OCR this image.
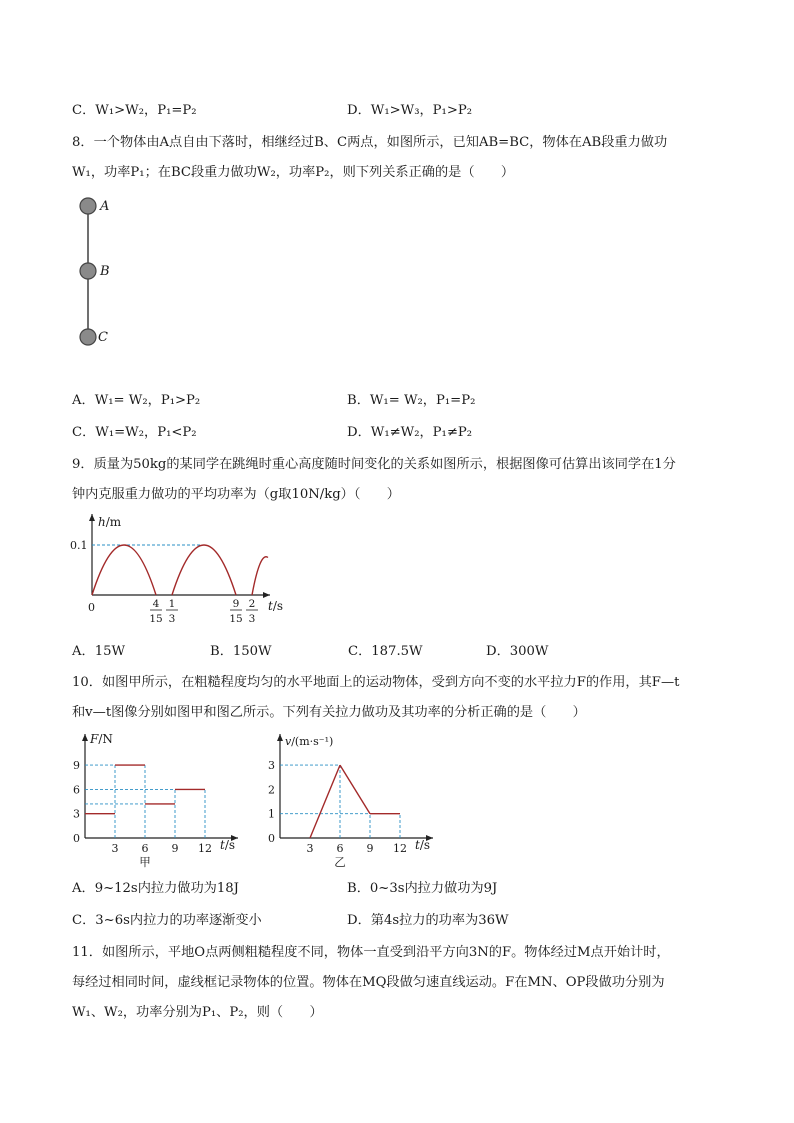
C．W₁>W₂，P₁=P₂	D．W₁>W₃，P₁>P₂
8．一个物体由A点自由下落时，相继经过B、C两点，如图所示，已知AB=BC，物体在AB段重力做功
W₁，功率P₁；在BC段重力做功W₂，功率P₂，则下列关系正确的是（　　）
A
B
C
A．W₁= W₂，P₁>P₂	B．W₁= W₂，P₁=P₂
C．W₁=W₂，P₁<P₂	D．W₁≠W₂，P₁≠P₂
9．质量为50kg的某同学在跳绳时重心高度随时间变化的关系如图所示，根据图像可估算出该同学在1分
钟内克服重力做功的平均功率为（g取10N/kg）（　　）
h/m
t/s
0.1
0	4
15
1
3
9
15
2
3
A．15W	B．150W	C．187.5W	D．300W
10．如图甲所示，在粗糙程度均匀的水平地面上的运动物体，受到方向不变的水平拉力F的作用，其F—t
和v—t图像分别如图甲和图乙所示。下列有关拉力做功及其功率的分析正确的是（　　）
F/N
t/s
3
6
9
0
3 6 9 12
甲
v/(m·s⁻¹)
t/s
1
2
3
0
3 6 9 12
乙
A．9~12s内拉力做功为18J	B．0~3s内拉力做功为9J
C．3~6s内拉力的功率逐渐变小	D．第4s拉力的功率为36W
11．如图所示，平地O点两侧粗糙程度不同，物体一直受到沿平方向3N的F。物体经过M点开始计时，
每经过相同时间，虚线框记录物体的位置。物体在MQ段做匀速直线运动。F在MN、OP段做功分别为
W₁、W₂，功率分别为P₁、P₂，则（　　）
